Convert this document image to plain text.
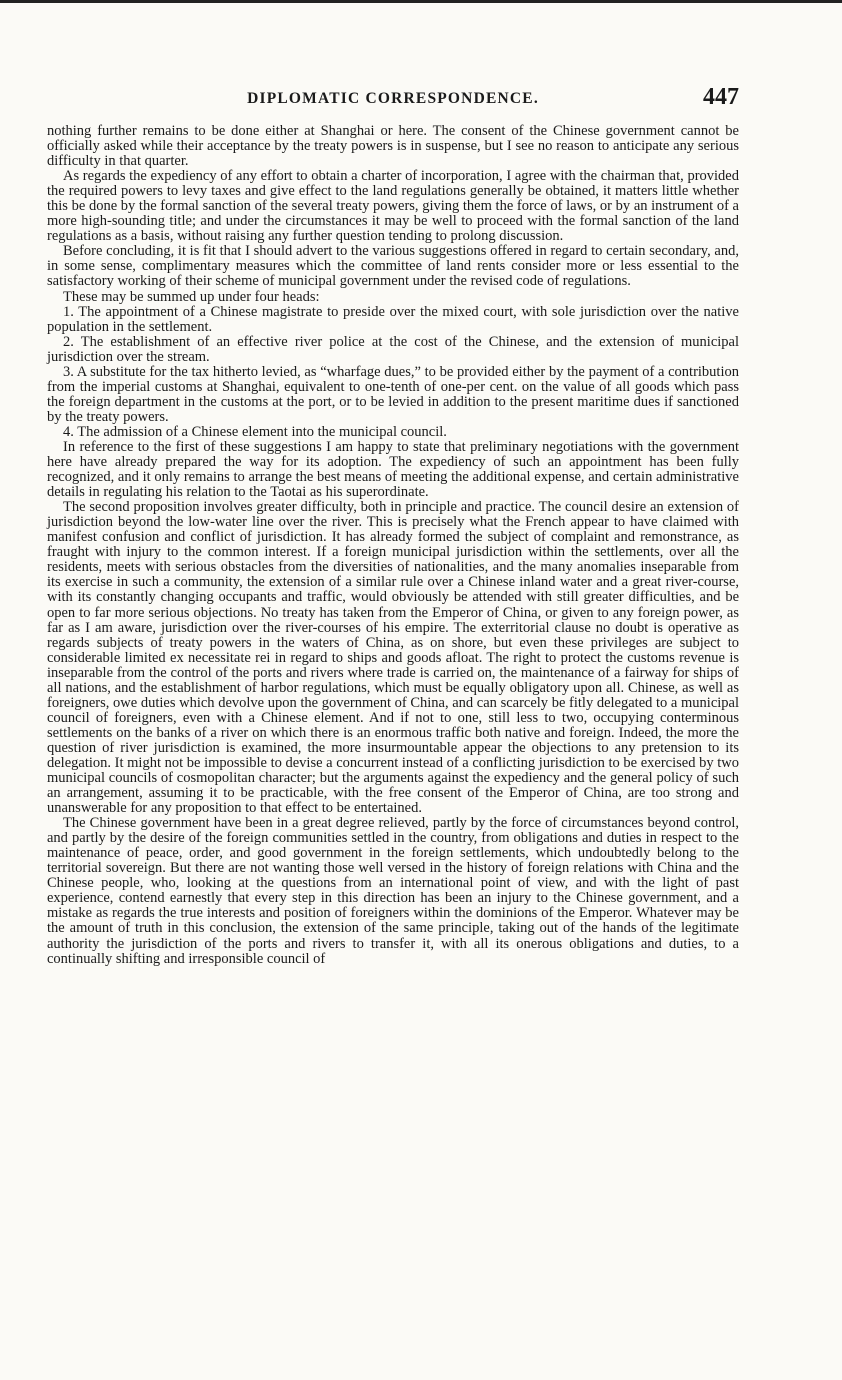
DIPLOMATIC CORRESPONDENCE.	447

nothing further remains to be done either at Shanghai or here. The consent of the Chinese government cannot be officially asked while their acceptance by the treaty powers is in suspense, but I see no reason to anticipate any serious difficulty in that quarter.

As regards the expediency of any effort to obtain a charter of incorporation, I agree with the chairman that, provided the required powers to levy taxes and give effect to the land regulations generally be obtained, it matters little whether this be done by the formal sanction of the several treaty powers, giving them the force of laws, or by an instrument of a more high-sounding title; and under the circumstances it may be well to proceed with the formal sanction of the land regulations as a basis, without raising any further question tending to prolong discussion.

Before concluding, it is fit that I should advert to the various suggestions offered in regard to certain secondary, and, in some sense, complimentary measures which the committee of land rents consider more or less essential to the satisfactory working of their scheme of municipal government under the revised code of regulations.

These may be summed up under four heads:

1. The appointment of a Chinese magistrate to preside over the mixed court, with sole jurisdiction over the native population in the settlement.

2. The establishment of an effective river police at the cost of the Chinese, and the extension of municipal jurisdiction over the stream.

3. A substitute for the tax hitherto levied, as “wharfage dues,” to be provided either by the payment of a contribution from the imperial customs at Shanghai, equivalent to one-tenth of one-per cent. on the value of all goods which pass the foreign department in the customs at the port, or to be levied in addition to the present maritime dues if sanctioned by the treaty powers.

4. The admission of a Chinese element into the municipal council.

In reference to the first of these suggestions I am happy to state that preliminary negotiations with the government here have already prepared the way for its adoption. The expediency of such an appointment has been fully recognized, and it only remains to arrange the best means of meeting the additional expense, and certain administrative details in regulating his relation to the Taotai as his superordinate.

The second proposition involves greater difficulty, both in principle and practice. The council desire an extension of jurisdiction beyond the low-water line over the river. This is precisely what the French appear to have claimed with manifest confusion and conflict of jurisdiction. It has already formed the subject of complaint and remonstrance, as fraught with injury to the common interest. If a foreign municipal jurisdiction within the settlements, over all the residents, meets with serious obstacles from the diversities of nationalities, and the many anomalies inseparable from its exercise in such a community, the extension of a similar rule over a Chinese inland water and a great river-course, with its constantly changing occupants and traffic, would obviously be attended with still greater difficulties, and be open to far more serious objections. No treaty has taken from the Emperor of China, or given to any foreign power, as far as I am aware, jurisdiction over the river-courses of his empire. The exterritorial clause no doubt is operative as regards subjects of treaty powers in the waters of China, as on shore, but even these privileges are subject to considerable limited ex necessitate rei in regard to ships and goods afloat. The right to protect the customs revenue is inseparable from the control of the ports and rivers where trade is carried on, the maintenance of a fairway for ships of all nations, and the establishment of harbor regulations, which must be equally obligatory upon all. Chinese, as well as foreigners, owe duties which devolve upon the government of China, and can scarcely be fitly delegated to a municipal council of foreigners, even with a Chinese element. And if not to one, still less to two, occupying conterminous settlements on the banks of a river on which there is an enormous traffic both native and foreign. Indeed, the more the question of river jurisdiction is examined, the more insurmountable appear the objections to any pretension to its delegation. It might not be impossible to devise a concurrent instead of a conflicting jurisdiction to be exercised by two municipal councils of cosmopolitan character; but the arguments against the expediency and the general policy of such an arrangement, assuming it to be practicable, with the free consent of the Emperor of China, are too strong and unanswerable for any proposition to that effect to be entertained.

The Chinese government have been in a great degree relieved, partly by the force of circumstances beyond control, and partly by the desire of the foreign communities settled in the country, from obligations and duties in respect to the maintenance of peace, order, and good government in the foreign settlements, which undoubtedly belong to the territorial sovereign. But there are not wanting those well versed in the history of foreign relations with China and the Chinese people, who, looking at the questions from an international point of view, and with the light of past experience, contend earnestly that every step in this direction has been an injury to the Chinese government, and a mistake as regards the true interests and position of foreigners within the dominions of the Emperor. Whatever may be the amount of truth in this conclusion, the extension of the same principle, taking out of the hands of the legitimate authority the jurisdiction of the ports and rivers to transfer it, with all its onerous obligations and duties, to a continually shifting and irresponsible council of
